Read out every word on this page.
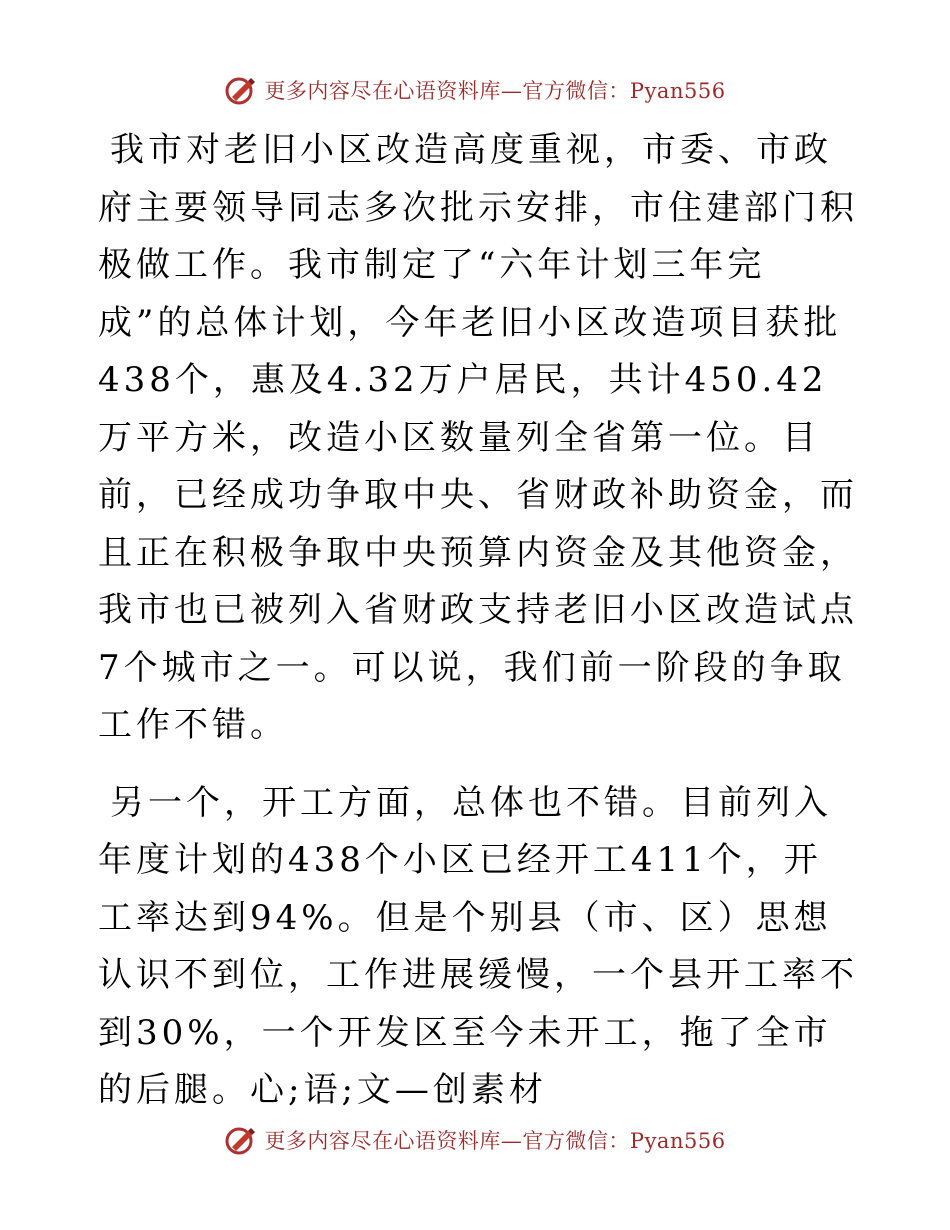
更多内容尽在心语资料库—官方微信：Pyan556

我市对老旧小区改造高度重视，市委、市政府主要领导同志多次批示安排，市住建部门积极做工作。我市制定了“六年计划三年完成”的总体计划，今年老旧小区改造项目获批438个，惠及4.32万户居民，共计450.42万平方米，改造小区数量列全省第一位。目前，已经成功争取中央、省财政补助资金，而且正在积极争取中央预算内资金及其他资金，我市也已被列入省财政支持老旧小区改造试点7个城市之一。可以说，我们前一阶段的争取工作不错。

另一个，开工方面，总体也不错。目前列入年度计划的438个小区已经开工411个，开工率达到94%。但是个别县（市、区）思想认识不到位，工作进展缓慢，一个县开工率不到30%，一个开发区至今未开工，拖了全市的后腿。心;语;文—创素材

更多内容尽在心语资料库—官方微信：Pyan556
